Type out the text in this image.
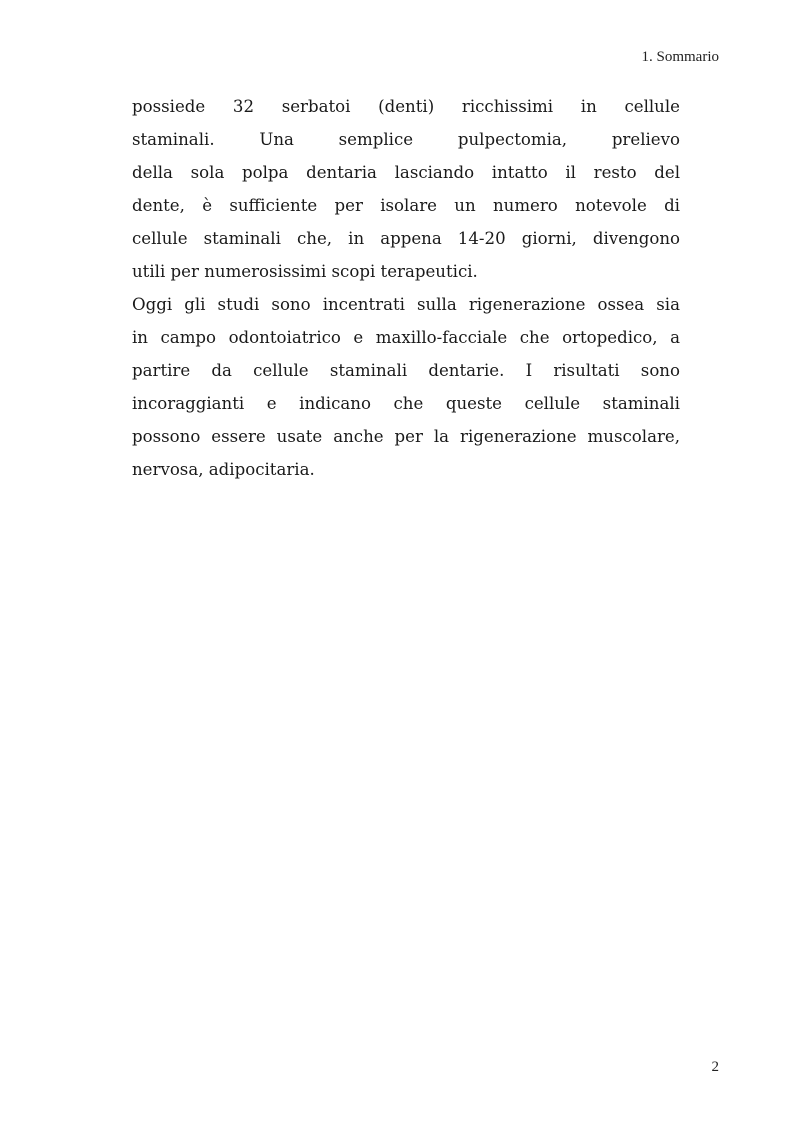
1. Sommario
possiede 32 serbatoi (denti) ricchissimi in cellule
staminali. Una semplice pulpectomia, prelievo
della sola polpa dentaria lasciando intatto il resto del
dente, è sufficiente per isolare un numero notevole di
cellule staminali che, in appena 14-20 giorni, divengono
utili per numerosissimi scopi terapeutici.
Oggi gli studi sono incentrati sulla rigenerazione ossea sia
in campo odontoiatrico e maxillo-facciale che ortopedico, a
partire da cellule staminali dentarie. I risultati sono
incoraggianti e indicano che queste cellule staminali
possono essere usate anche per la rigenerazione muscolare,
nervosa, adipocitaria.
2
